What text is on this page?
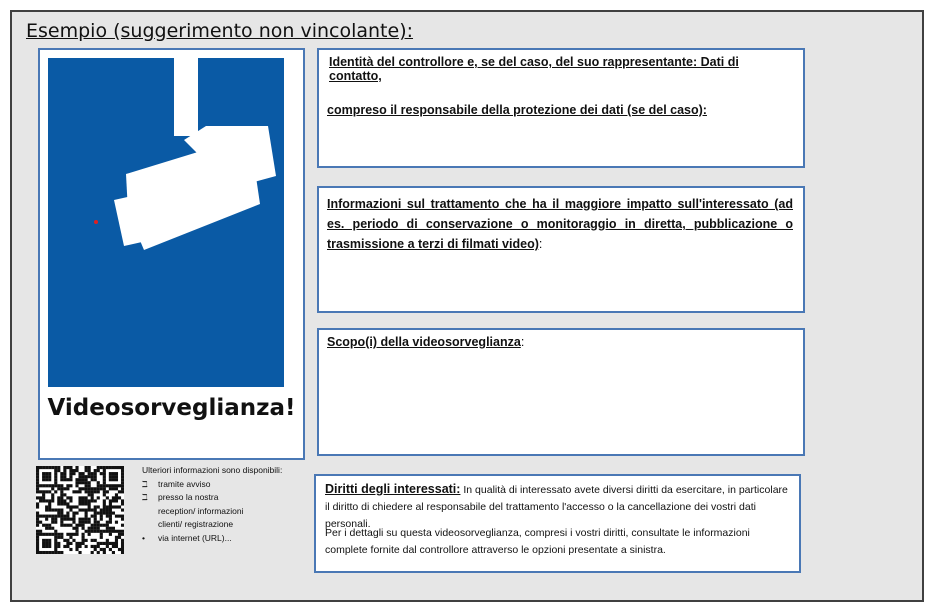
Esempio (suggerimento non vincolante):
Videosorveglianza!
Identità del controllore e, se del caso, del suo rappresentante: Dati di contatto,
compreso il responsabile della protezione dei dati (se del caso):
Informazioni sul trattamento che ha il maggiore impatto sull'interessato (ad es. periodo di conservazione o monitoraggio in diretta, pubblicazione o trasmissione a terzi di filmati video):
Scopo(i) della videosorveglianza:
Diritti degli interessati: In qualità di interessato avete diversi diritti da esercitare, in particolare il diritto di chiedere al responsabile del trattamento l'accesso o la cancellazione dei vostri dati personali.
Per i dettagli su questa videosorveglianza, compresi i vostri diritti, consultate le informazioni complete fornite dal controllore attraverso le opzioni presentate a sinistra.
Ulteriori informazioni sono disponibili:
ℶ tramite avviso
ℶ presso la nostra
reception/ informazioni
clienti/ registrazione
• via internet (URL)...
